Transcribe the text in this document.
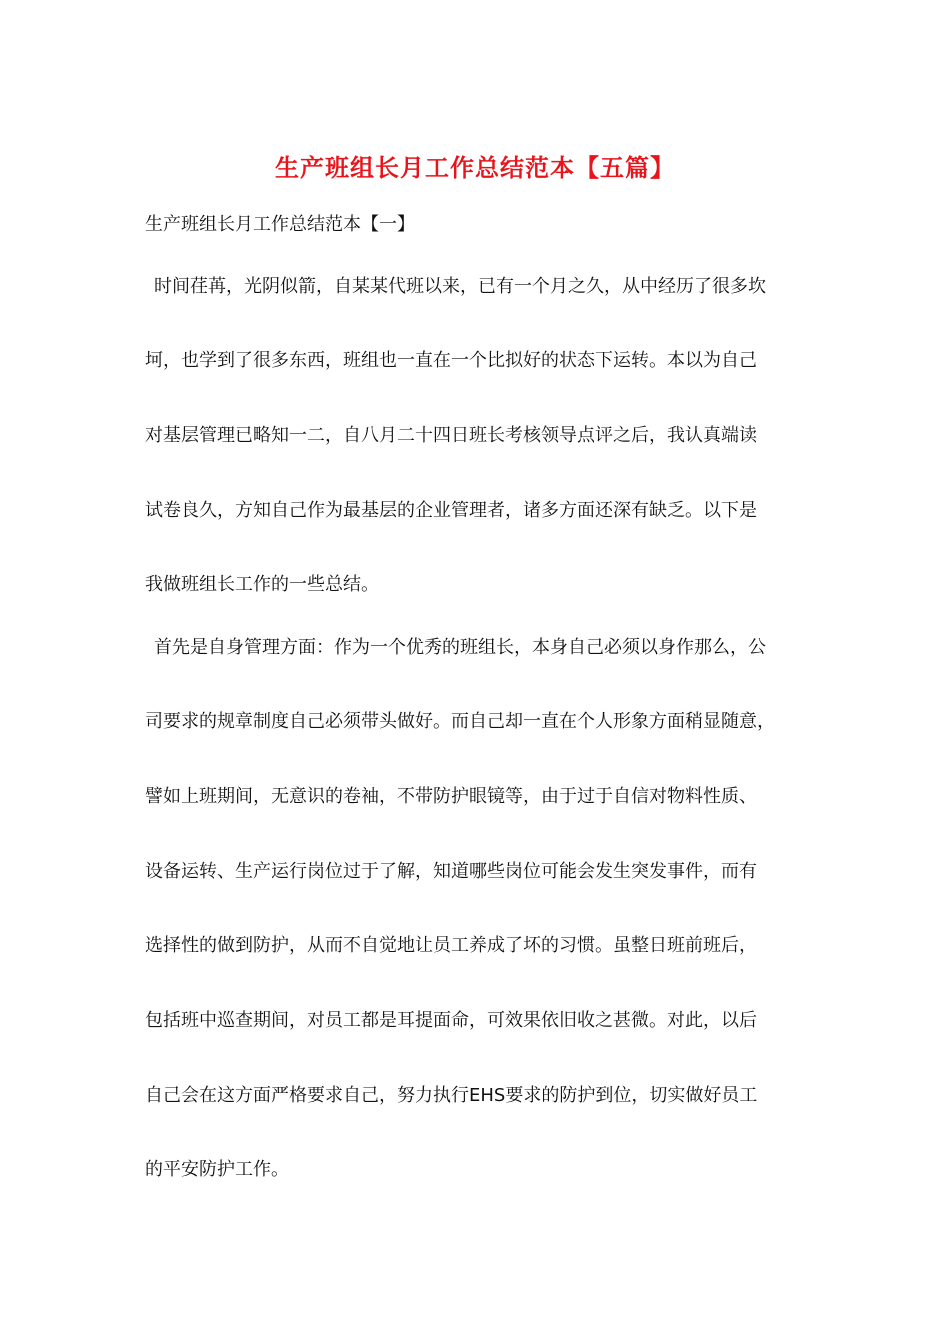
生产班组长月工作总结范本【五篇】
生产班组长月工作总结范本【一】
时间荏苒，光阴似箭，自某某代班以来，已有一个月之久，从中经历了很多坎
坷，也学到了很多东西，班组也一直在一个比拟好的状态下运转。本以为自己
对基层管理已略知一二，自八月二十四日班长考核领导点评之后，我认真端读
试卷良久，方知自己作为最基层的企业管理者，诸多方面还深有缺乏。以下是
我做班组长工作的一些总结。
首先是自身管理方面：作为一个优秀的班组长，本身自己必须以身作那么，公
司要求的规章制度自己必须带头做好。而自己却一直在个人形象方面稍显随意，
譬如上班期间，无意识的卷袖，不带防护眼镜等，由于过于自信对物料性质、
设备运转、生产运行岗位过于了解，知道哪些岗位可能会发生突发事件，而有
选择性的做到防护，从而不自觉地让员工养成了坏的习惯。虽整日班前班后，
包括班中巡查期间，对员工都是耳提面命，可效果依旧收之甚微。对此，以后
自己会在这方面严格要求自己，努力执行EHS要求的防护到位，切实做好员工
的平安防护工作。
